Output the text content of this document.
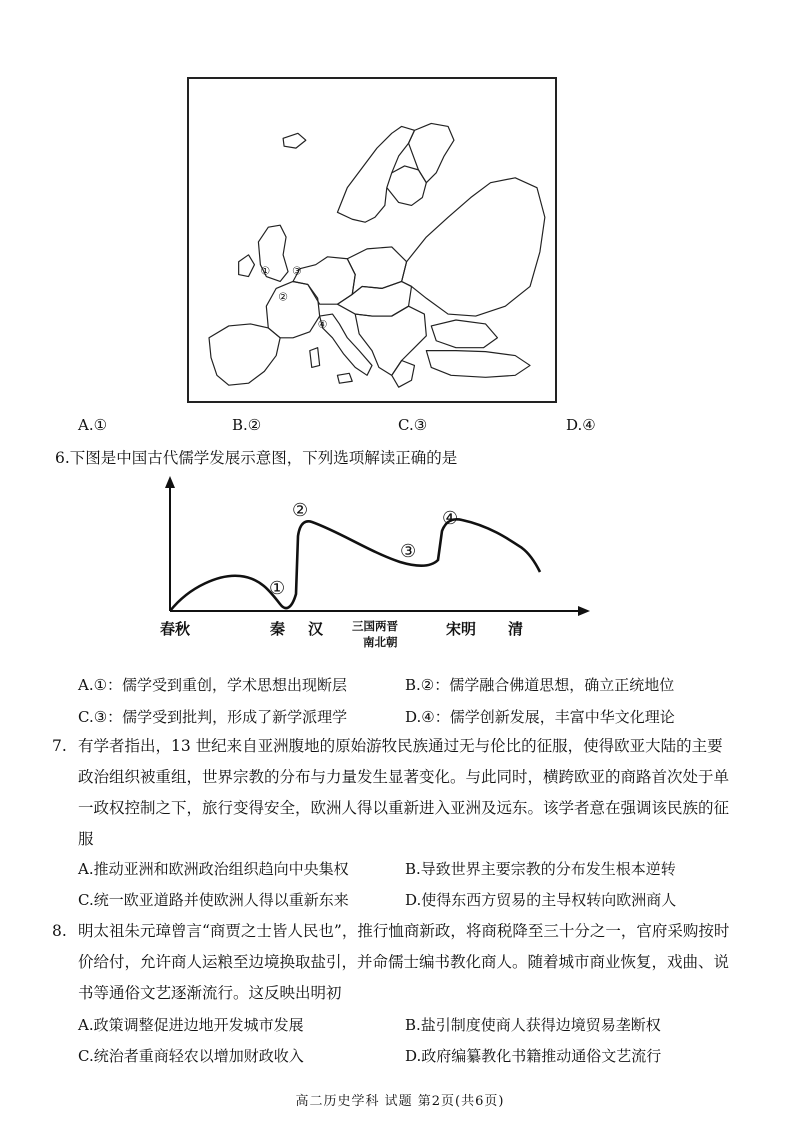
①
②
③
④
A.①	B.②	C.③	D.④
6.下图是中国古代儒学发展示意图，下列选项解读正确的是
①
②
③
④
春秋	秦 汉	三国两晋
南北朝
宋明 清
A.①：儒学受到重创，学术思想出现断层	B.②：儒学融合佛道思想，确立正统地位
C.③：儒学受到批判，形成了新学派理学	D.④：儒学创新发展，丰富中华文化理论
7. 有学者指出，13 世纪来自亚洲腹地的原始游牧民族通过无与伦比的征服，使得欧亚大陆的主要政治组织被重组，世界宗教的分布与力量发生显著变化。与此同时，横跨欧亚的商路首次处于单一政权控制之下，旅行变得安全，欧洲人得以重新进入亚洲及远东。该学者意在强调该民族的征服
A.推动亚洲和欧洲政治组织趋向中央集权	B.导致世界主要宗教的分布发生根本逆转
C.统一欧亚道路并使欧洲人得以重新东来	D.使得东西方贸易的主导权转向欧洲商人
8. 明太祖朱元璋曾言“商贾之士皆人民也”，推行恤商新政，将商税降至三十分之一，官府采购按时价给付，允许商人运粮至边境换取盐引，并命儒士编书教化商人。随着城市商业恢复，戏曲、说书等通俗文艺逐渐流行。这反映出明初
A.政策调整促进边地开发城市发展	B.盐引制度使商人获得边境贸易垄断权
C.统治者重商轻农以增加财政收入	D.政府编纂教化书籍推动通俗文艺流行
高二历史学科 试题 第2页(共6页)
